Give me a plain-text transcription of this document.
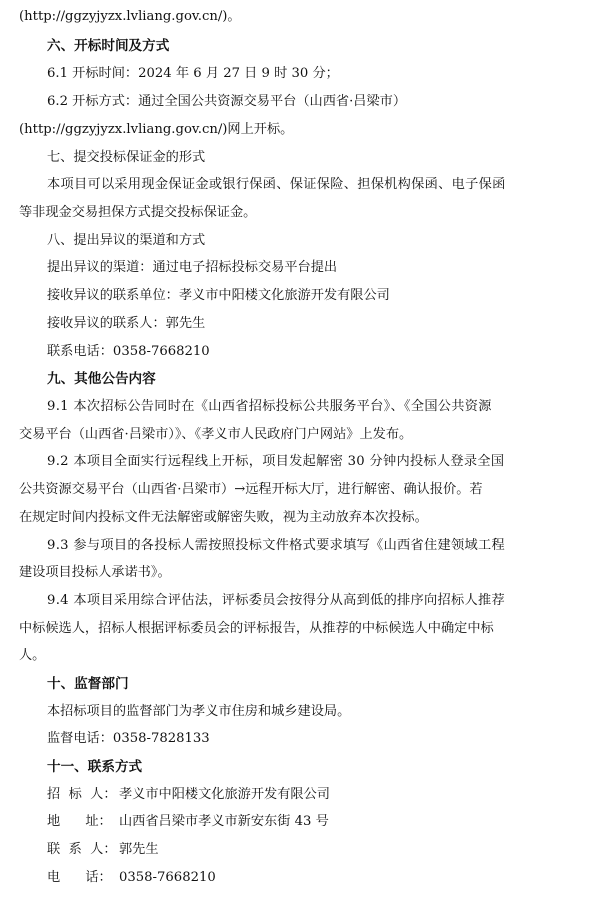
(http://ggzyjyzx.lvliang.gov.cn/)。
六、开标时间及方式
6.1 开标时间：2024 年 6 月 27 日 9 时 30 分；
6.2 开标方式：通过全国公共资源交易平台（山西省·吕梁市）
(http://ggzyjyzx.lvliang.gov.cn/)网上开标。
七、提交投标保证金的形式
本项目可以采用现金保证金或银行保函、保证保险、担保机构保函、电子保函
等非现金交易担保方式提交投标保证金。
八、提出异议的渠道和方式
提出异议的渠道：通过电子招标投标交易平台提出
接收异议的联系单位：孝义市中阳楼文化旅游开发有限公司
接收异议的联系人：郭先生
联系电话：0358-7668210
九、其他公告内容
9.1 本次招标公告同时在《山西省招标投标公共服务平台》、《全国公共资源
交易平台（山西省·吕梁市）》、《孝义市人民政府门户网站》上发布。
9.2 本项目全面实行远程线上开标，项目发起解密 30 分钟内投标人登录全国
公共资源交易平台（山西省·吕梁市）→远程开标大厅，进行解密、确认报价。若
在规定时间内投标文件无法解密或解密失败，视为主动放弃本次投标。
9.3 参与项目的各投标人需按照投标文件格式要求填写《山西省住建领域工程
建设项目投标人承诺书》。
9.4 本项目采用综合评估法，评标委员会按得分从高到低的排序向招标人推荐
中标候选人，招标人根据评标委员会的评标报告，从推荐的中标候选人中确定中标
人。
十、监督部门
本招标项目的监督部门为孝义市住房和城乡建设局。
监督电话：0358-7828133
十一、联系方式
招  标  人： 孝义市中阳楼文化旅游开发有限公司
地      址： 山西省吕梁市孝义市新安东街 43 号
联  系  人： 郭先生
电      话： 0358-7668210
